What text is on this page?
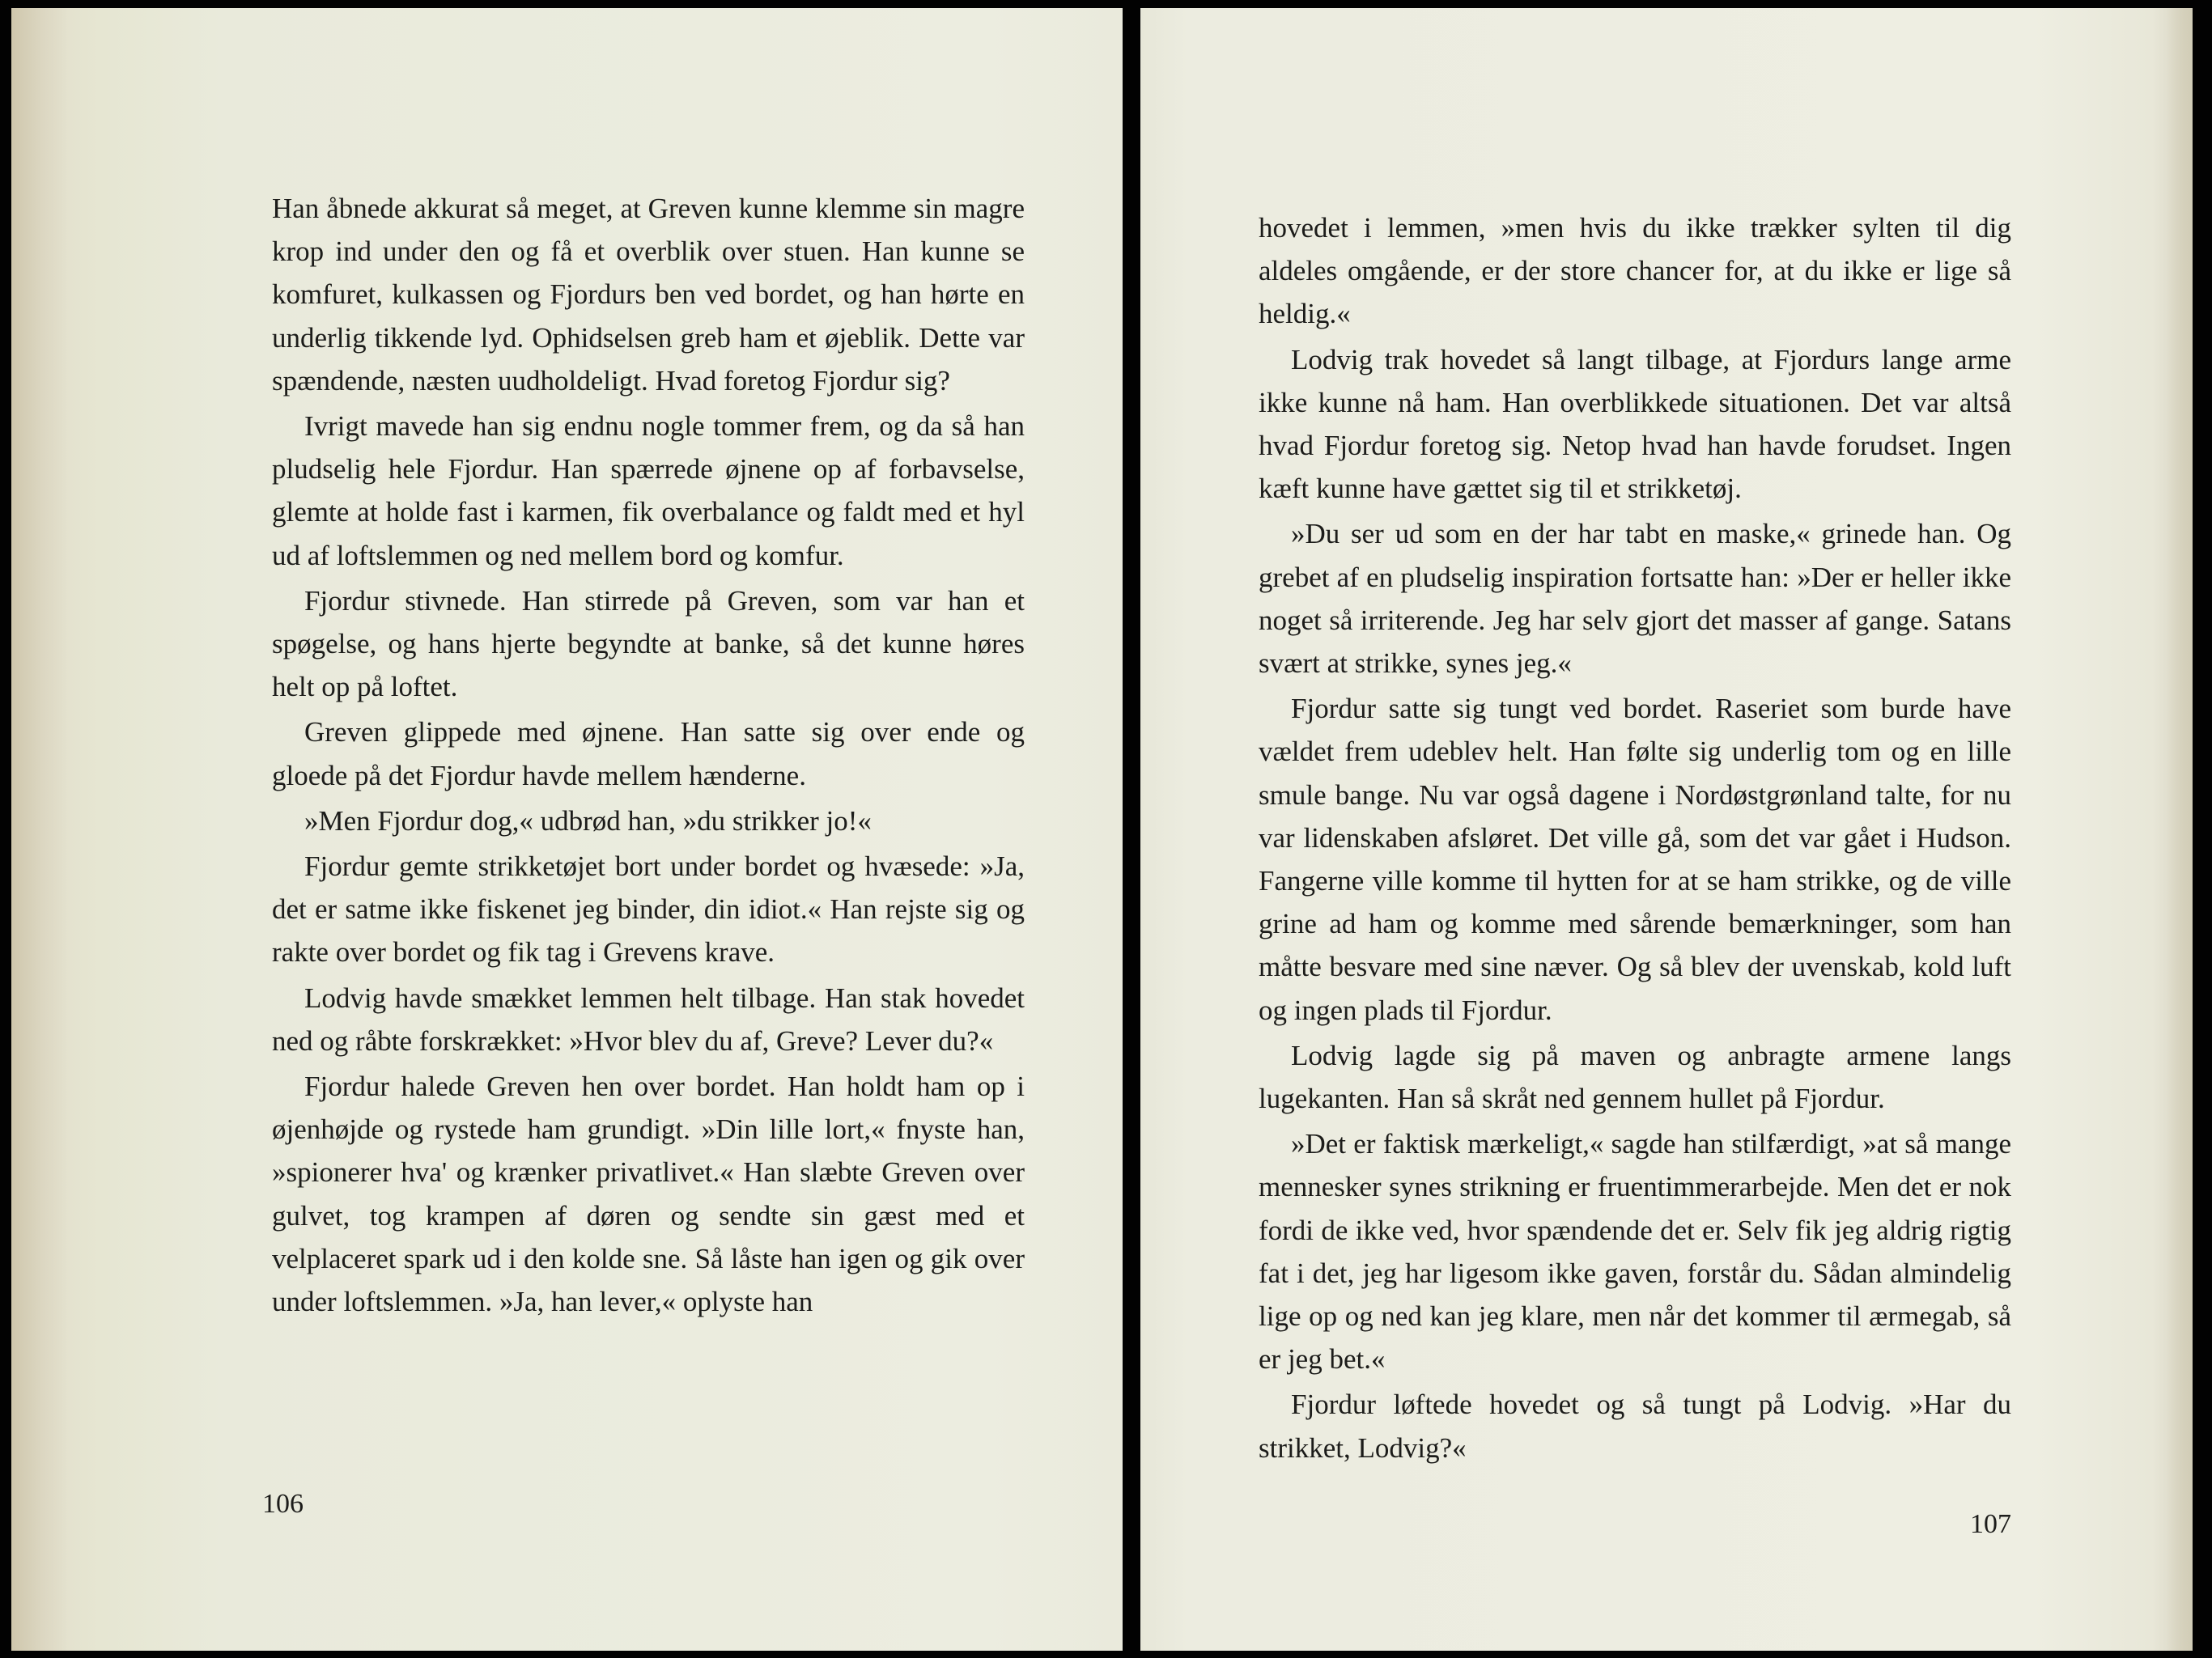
Han åbnede akkurat så meget, at Greven kunne klemme sin magre krop ind under den og få et overblik over stuen. Han kunne se komfuret, kulkassen og Fjordurs ben ved bordet, og han hørte en underlig tikkende lyd. Ophidselsen greb ham et øjeblik. Dette var spændende, næsten uudholdeligt. Hvad foretog Fjordur sig?

Ivrigt mavede han sig endnu nogle tommer frem, og da så han pludselig hele Fjordur. Han spærrede øjnene op af forbavselse, glemte at holde fast i karmen, fik overbalance og faldt med et hyl ud af loftslemmen og ned mellem bord og komfur.

Fjordur stivnede. Han stirrede på Greven, som var han et spøgelse, og hans hjerte begyndte at banke, så det kunne høres helt op på loftet.

Greven glippede med øjnene. Han satte sig over ende og gloede på det Fjordur havde mellem hænderne.

»Men Fjordur dog,« udbrød han, »du strikker jo!«

Fjordur gemte strikketøjet bort under bordet og hvæsede: »Ja, det er satme ikke fiskenet jeg binder, din idiot.« Han rejste sig og rakte over bordet og fik tag i Grevens krave.

Lodvig havde smækket lemmen helt tilbage. Han stak hovedet ned og råbte forskrækket: »Hvor blev du af, Greve? Lever du?«

Fjordur halede Greven hen over bordet. Han holdt ham op i øjenhøjde og rystede ham grundigt. »Din lille lort,« fnyste han, »spionerer hva' og krænker privatlivet.« Han slæbte Greven over gulvet, tog krampen af døren og sendte sin gæst med et velplaceret spark ud i den kolde sne. Så låste han igen og gik over under loftslemmen. »Ja, han lever,« oplyste han

106

hovedet i lemmen, »men hvis du ikke trækker sylten til dig aldeles omgående, er der store chancer for, at du ikke er lige så heldig.«

Lodvig trak hovedet så langt tilbage, at Fjordurs lange arme ikke kunne nå ham. Han overblikkede situationen. Det var altså hvad Fjordur foretog sig. Netop hvad han havde forudset. Ingen kæft kunne have gættet sig til et strikketøj.

»Du ser ud som en der har tabt en maske,« grinede han. Og grebet af en pludselig inspiration fortsatte han: »Der er heller ikke noget så irriterende. Jeg har selv gjort det masser af gange. Satans svært at strikke, synes jeg.«

Fjordur satte sig tungt ved bordet. Raseriet som burde have vældet frem udeblev helt. Han følte sig underlig tom og en lille smule bange. Nu var også dagene i Nordøstgrønland talte, for nu var lidenskaben afsløret. Det ville gå, som det var gået i Hudson. Fangerne ville komme til hytten for at se ham strikke, og de ville grine ad ham og komme med sårende bemærkninger, som han måtte besvare med sine næver. Og så blev der uvenskab, kold luft og ingen plads til Fjordur.

Lodvig lagde sig på maven og anbragte armene langs lugekanten. Han så skråt ned gennem hullet på Fjordur.

»Det er faktisk mærkeligt,« sagde han stilfærdigt, »at så mange mennesker synes strikning er fruentimmerarbejde. Men det er nok fordi de ikke ved, hvor spændende det er. Selv fik jeg aldrig rigtig fat i det, jeg har ligesom ikke gaven, forstår du. Sådan almindelig lige op og ned kan jeg klare, men når det kommer til ærmegab, så er jeg bet.«

Fjordur løftede hovedet og så tungt på Lodvig. »Har du strikket, Lodvig?«

107
